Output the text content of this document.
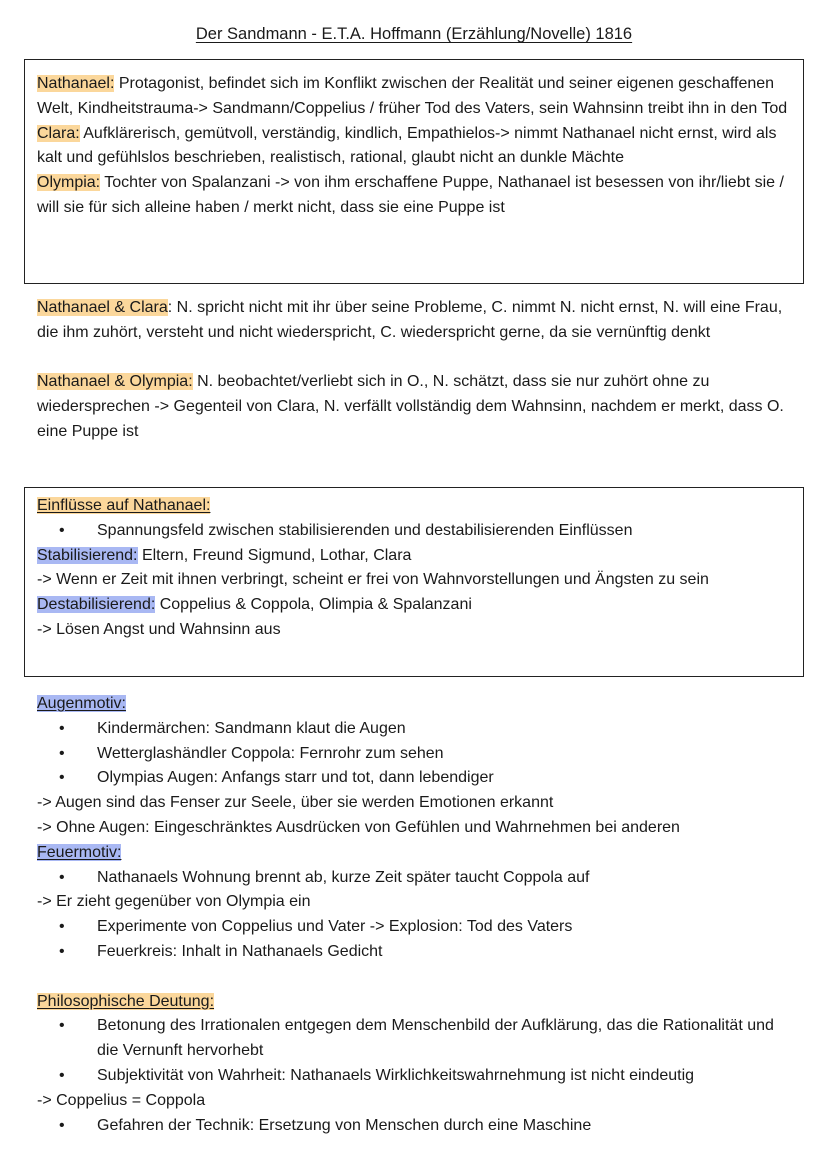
Der Sandmann - E.T.A. Hoffmann (Erzählung/Novelle) 1816

Nathanael: Protagonist, befindet sich im Konflikt zwischen der Realität und seiner eigenen geschaffenen Welt, Kindheitstrauma-> Sandmann/Coppelius / früher Tod des Vaters, sein Wahnsinn treibt ihn in den Tod

Clara: Aufklärerisch, gemütvoll, verständig, kindlich, Empathielos-> nimmt Nathanael nicht ernst, wird als kalt und gefühlslos beschrieben, realistisch, rational, glaubt nicht an dunkle Mächte

Olympia: Tochter von Spalanzani -> von ihm erschaffene Puppe, Nathanael ist besessen von ihr/liebt sie / will sie für sich alleine haben / merkt nicht, dass sie eine Puppe ist

Nathanael & Clara: N. spricht nicht mit ihr über seine Probleme, C. nimmt N. nicht ernst, N. will eine Frau, die ihm zuhört, versteht und nicht wiederspricht, C. wiederspricht gerne, da sie vernünftig denkt

Nathanael & Olympia: N. beobachtet/verliebt sich in O., N. schätzt, dass sie nur zuhört ohne zu wiedersprechen -> Gegenteil von Clara, N. verfällt vollständig dem Wahnsinn, nachdem er merkt, dass O. eine Puppe ist

Einflüsse auf Nathanael:

• Spannungsfeld zwischen stabilisierenden und destabilisierenden Einflüssen

Stabilisierend: Eltern, Freund Sigmund, Lothar, Clara

-> Wenn er Zeit mit ihnen verbringt, scheint er frei von Wahnvorstellungen und Ängsten zu sein

Destabilisierend: Coppelius & Coppola, Olimpia & Spalanzani

-> Lösen Angst und Wahnsinn aus

Augenmotiv:

• Kindermärchen: Sandmann klaut die Augen
• Wetterglashändler Coppola: Fernrohr zum sehen
• Olympias Augen: Anfangs starr und tot, dann lebendiger

-> Augen sind das Fenser zur Seele, über sie werden Emotionen erkannt

-> Ohne Augen: Eingeschränktes Ausdrücken von Gefühlen und Wahrnehmen bei anderen

Feuermotiv:

• Nathanaels Wohnung brennt ab, kurze Zeit später taucht Coppola auf

-> Er zieht gegenüber von Olympia ein

• Experimente von Coppelius und Vater -> Explosion: Tod des Vaters
• Feuerkreis: Inhalt in Nathanaels Gedicht

Philosophische Deutung:

• Betonung des Irrationalen entgegen dem Menschenbild der Aufklärung, das die Rationalität und die Vernunft hervorhebt
• Subjektivität von Wahrheit: Nathanaels Wirklichkeitswahrnehmung ist nicht eindeutig

-> Coppelius = Coppola

• Gefahren der Technik: Ersetzung von Menschen durch eine Maschine
